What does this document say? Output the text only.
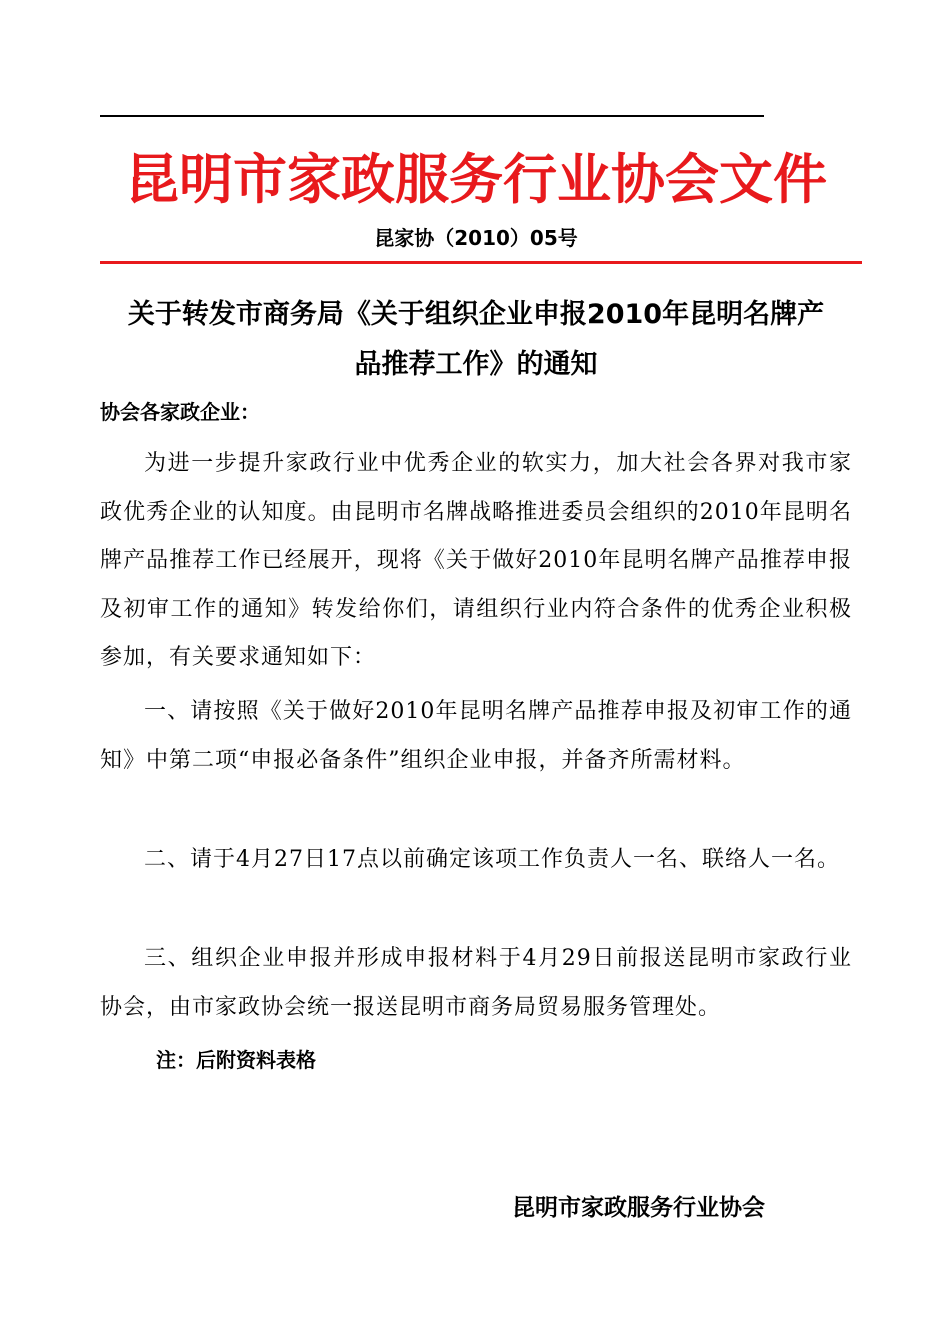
昆明市家政服务行业协会文件
昆家协（2010）05号
关于转发市商务局《关于组织企业申报2010年昆明名牌产
品推荐工作》的通知
协会各家政企业：

为进一步提升家政行业中优秀企业的软实力，加大社会各界对我市家政优秀企业的认知度。由昆明市名牌战略推进委员会组织的2010年昆明名牌产品推荐工作已经展开，现将《关于做好2010年昆明名牌产品推荐申报及初审工作的通知》转发给你们，请组织行业内符合条件的优秀企业积极参加，有关要求通知如下：

一、请按照《关于做好2010年昆明名牌产品推荐申报及初审工作的通知》中第二项“申报必备条件”组织企业申报，并备齐所需材料。

二、请于4月27日17点以前确定该项工作负责人一名、联络人一名。

三、组织企业申报并形成申报材料于4月29日前报送昆明市家政行业协会，由市家政协会统一报送昆明市商务局贸易服务管理处。

注：后附资料表格
昆明市家政服务行业协会
